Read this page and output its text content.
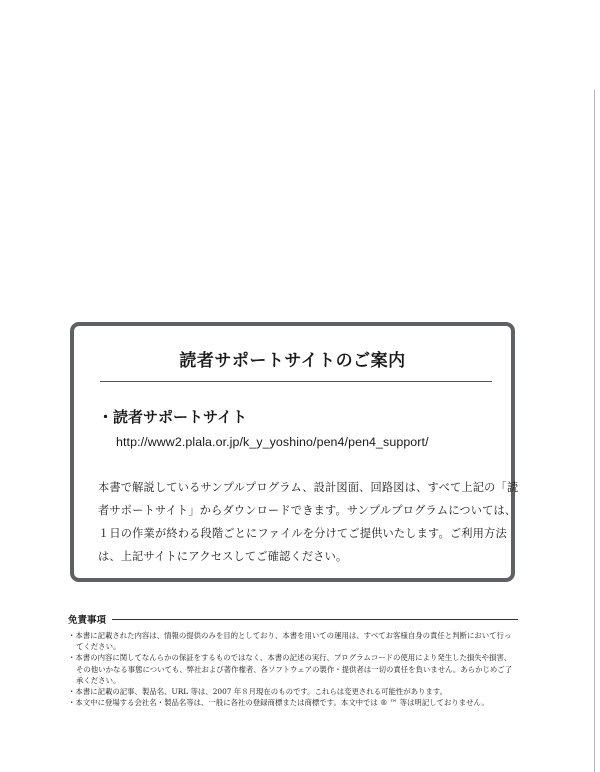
読者サポートサイトのご案内
・読者サポートサイト
http://www2.plala.or.jp/k_y_yoshino/pen4/pen4_support/
本書で解説しているサンプルプログラム、設計図面、回路図は、すべて上記の「読
者サポートサイト」からダウンロードできます。サンプルプログラムについては、
１日の作業が終わる段階ごとにファイルを分けてご提供いたします。ご利用方法
は、上記サイトにアクセスしてご確認ください。
免責事項
・本書に記載された内容は、情報の提供のみを目的としており、本書を用いての運用は、すべてお客様自身の責任と判断において行っ
てください。
・本書の内容に関してなんらかの保証をするものではなく、本書の記述の実行、プログラムコードの使用により発生した損失や損害、
その他いかなる事態についても、弊社および著作権者、各ソフトウェアの製作・提供者は一切の責任を負いません。あらかじめご了
承ください。
・本書に記載の記事、製品名、URL 等は、2007 年８月現在のものです。これらは変更される可能性があります。
・本文中に登場する会社名・製品名等は、一般に各社の登録商標または商標です。本文中では ® ™ 等は明記しておりません。
